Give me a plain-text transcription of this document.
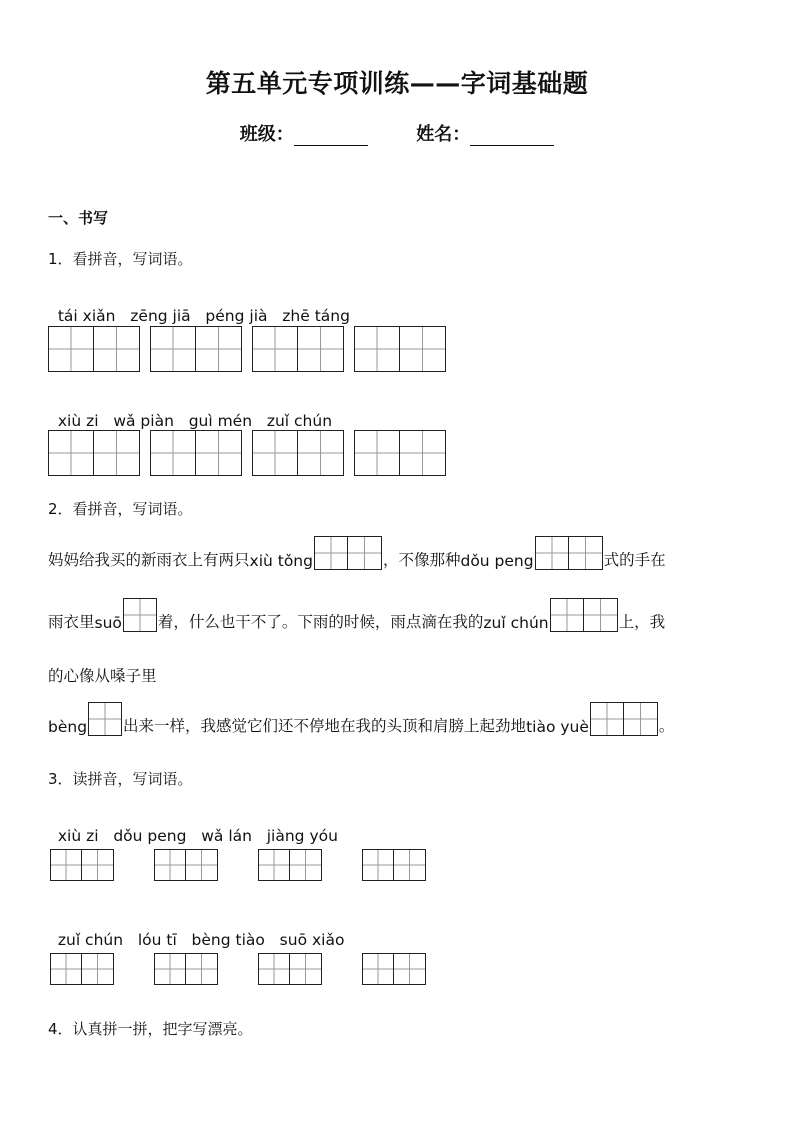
第五单元专项训练——字词基础题
班级：	姓名：
一、书写
1．看拼音，写词语。

tái xiǎn zēng jiā péng jià zhē táng

xiù zi wǎ piàn guì mén zuǐ chún

2．看拼音，写词语。
妈妈给我买的新雨衣上有两只 xiù tǒng	，不像那种 dǒu peng	式的手在
雨衣里 suō 着，什么也干不了。下雨的时候，雨点滴在我的 zuǐ chún	上，我
的心像从嗓子里
bèng 出来一样，我感觉它们还不停地在我的头顶和肩膀上起劲地 tiào yuè	。
3．读拼音，写词语。

xiù zi dǒu peng wǎ lán jiàng yóu

zuǐ chún lóu tī bèng tiào suō xiǎo

4．认真拼一拼，把字写漂亮。
